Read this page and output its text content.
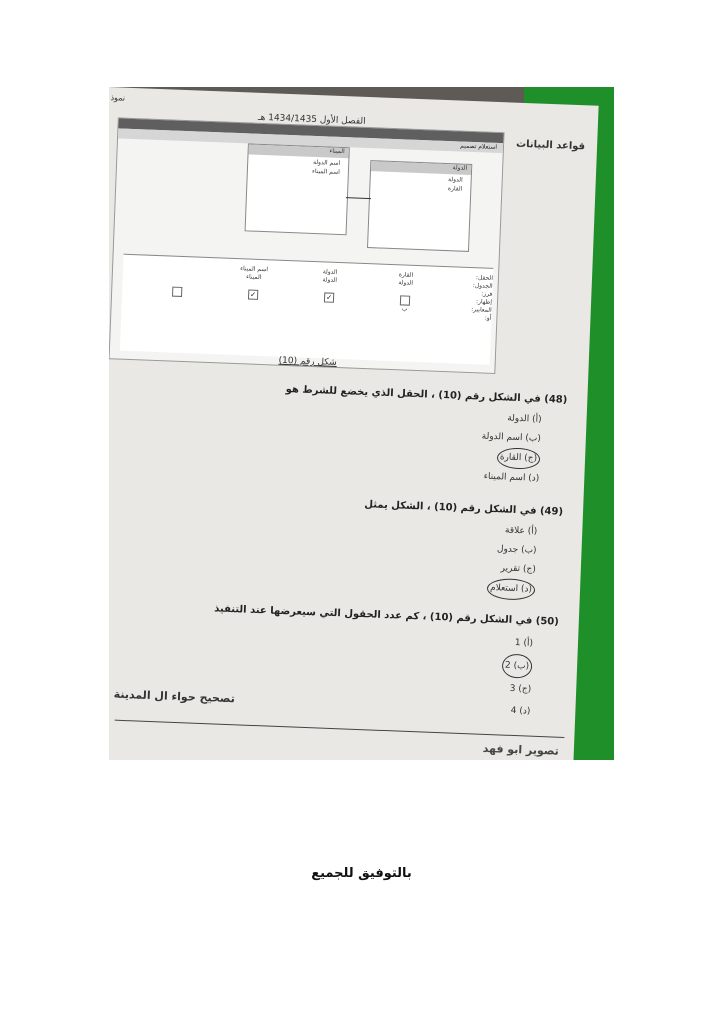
نموذ
الفصل الأول 1434/1435 هـ
قواعد البيانات
استعلام تصميم
الدولة
الدولة
القارة
الميناء
اسم الدولة
اسم الميناء
الحقل:
الجدول:
فرز:
إظهار:
المعايير:
أو:
القارة
الدولة
ب
الدولة
الدولة
✓
اسم الميناء
الميناء
✓
شكل رقم (10)
(48) في الشكل رقم (10) ، الحقل الذي يخضع للشرط هو
(أ) الدولة
(ب) اسم الدولة
(ج) القارة
(د) اسم الميناء
(49) في الشكل رقم (10) ، الشكل يمثل
(أ) علاقة
(ب) جدول
(ج) تقرير
(د) استعلام
(50) في الشكل رقم (10) ، كم عدد الحقول التي سيعرضها عند التنفيذ
(أ) 1
(ب) 2
(ج) 3
(د) 4
تصحيح حواء ال المدينة
تصوير ابو فهد
بالتوفيق للجميع
